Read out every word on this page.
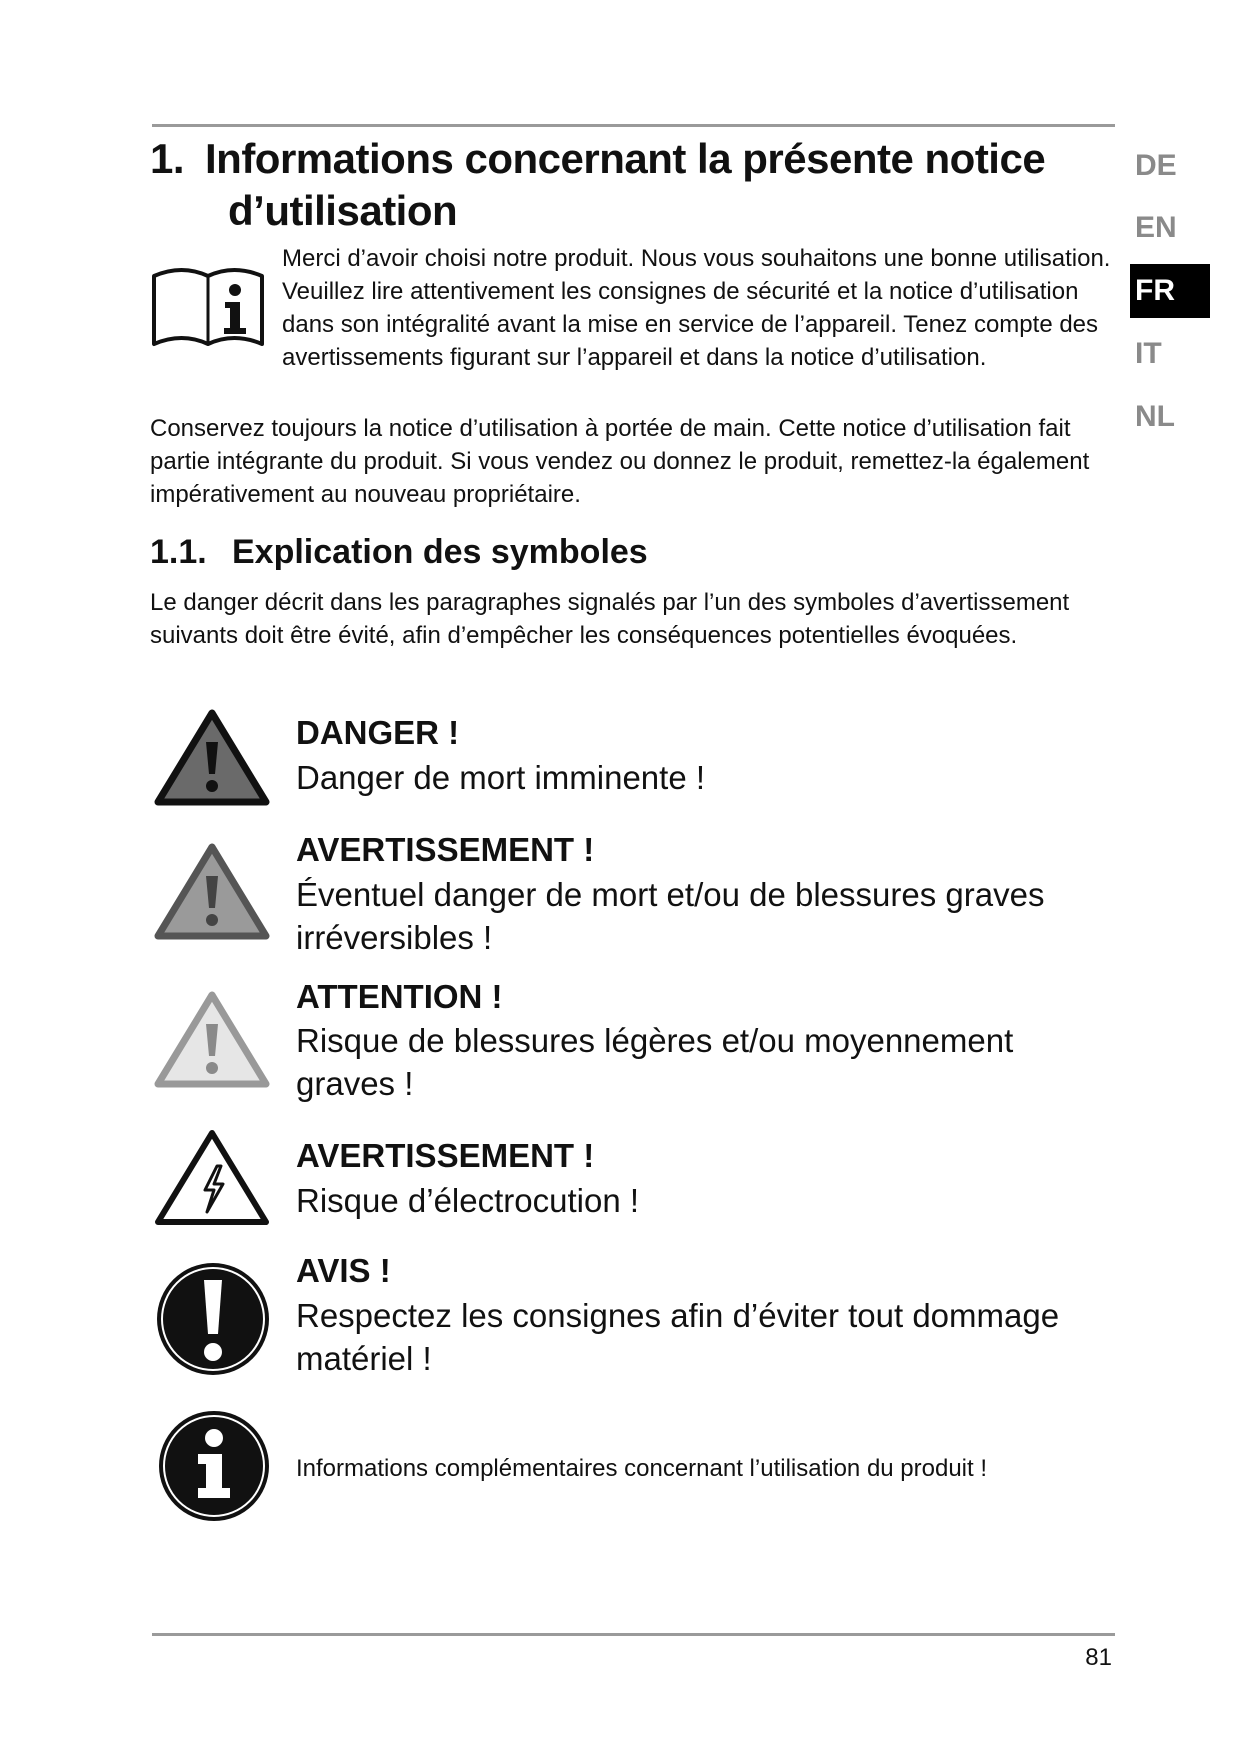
1. Informations concernant la présente notice
d’utilisation
DE
EN
FR
IT
NL

Merci d’avoir choisi notre produit. Nous vous souhaitons une bonne utilisation.

Veuillez lire attentivement les consignes de sécurité et la notice d’utilisation dans son intégralité avant la mise en service de l’appareil. Tenez compte des avertissements figurant sur l’appareil et dans la notice d’utilisation.

Conservez toujours la notice d’utilisation à portée de main. Cette notice d’utilisation fait partie intégrante du produit. Si vous vendez ou donnez le produit, remettez-la également impérativement au nouveau propriétaire.

1.1. Explication des symboles

Le danger décrit dans les paragraphes signalés par l’un des symboles d’avertissement suivants doit être évité, afin d’empêcher les conséquences potentielles évoquées.

DANGER !
Danger de mort imminente !
AVERTISSEMENT !
Éventuel danger de mort et/ou de blessures graves irréversibles !
ATTENTION !
Risque de blessures légères et/ou moyennement graves !
AVERTISSEMENT !
Risque d’électrocution !
AVIS !
Respectez les consignes afin d’éviter tout dommage matériel !
Informations complémentaires concernant l’utilisation du produit !
81
